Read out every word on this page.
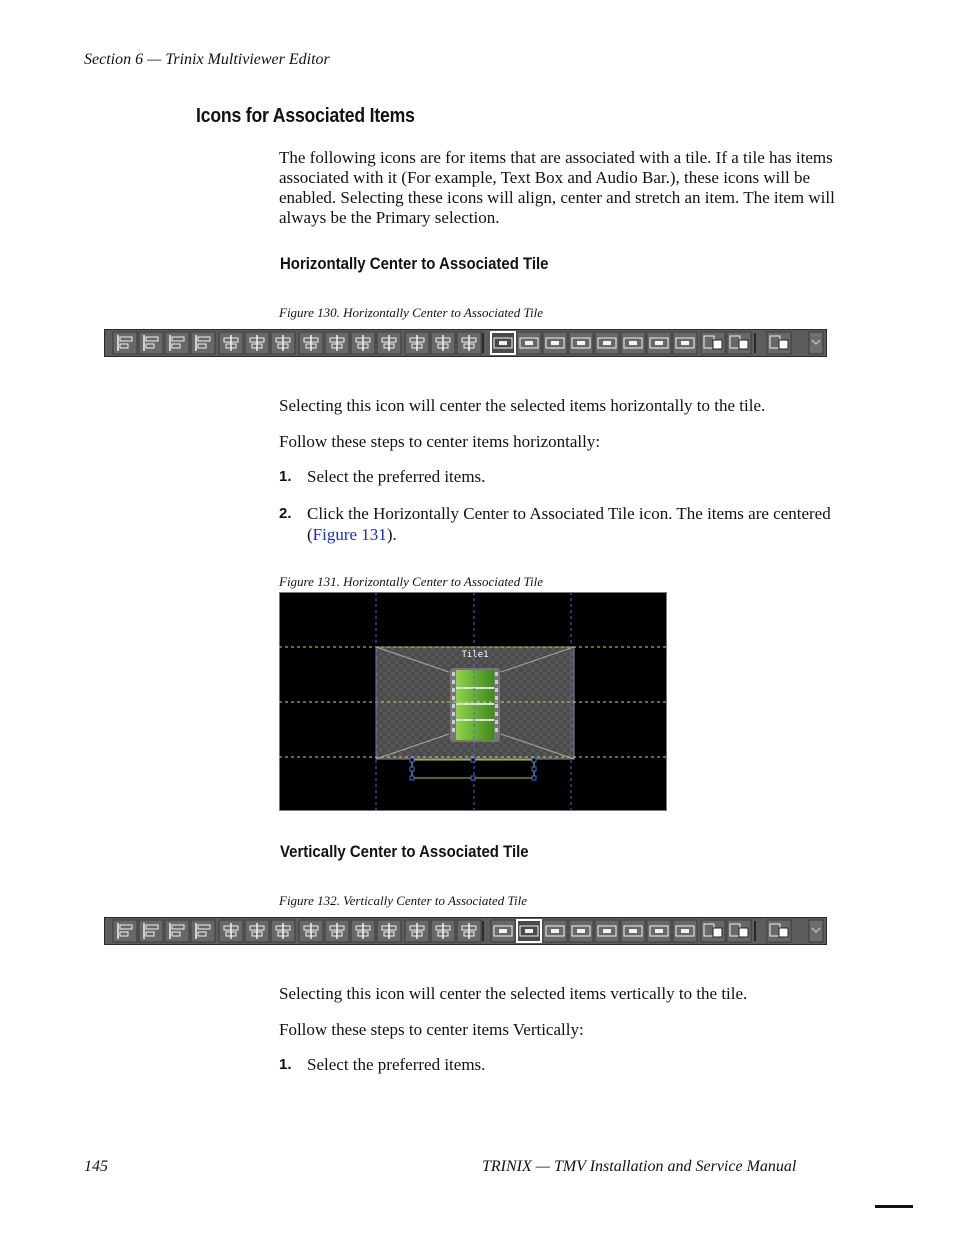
Section 6 — Trinix Multiviewer Editor
Icons for Associated Items
The following icons are for items that are associated with a tile. If a tile has items associated with it (For example, Text Box and Audio Bar.), these icons will be enabled. Selecting these icons will align, center and stretch an item. The item will always be the Primary selection.
Horizontally Center to Associated Tile
Figure 130. Horizontally Center to Associated Tile
Selecting this icon will center the selected items horizontally to the tile.
Follow these steps to center items horizontally:
1. Select the preferred items.
2. Click the Horizontally Center to Associated Tile icon. The items are centered (Figure 131).
Figure 131. Horizontally Center to Associated Tile
Tile1
Vertically Center to Associated Tile
Figure 132. Vertically Center to Associated Tile
Selecting this icon will center the selected items vertically to the tile.
Follow these steps to center items Vertically:
1. Select the preferred items.
145	TRINIX — TMV Installation and Service Manual
